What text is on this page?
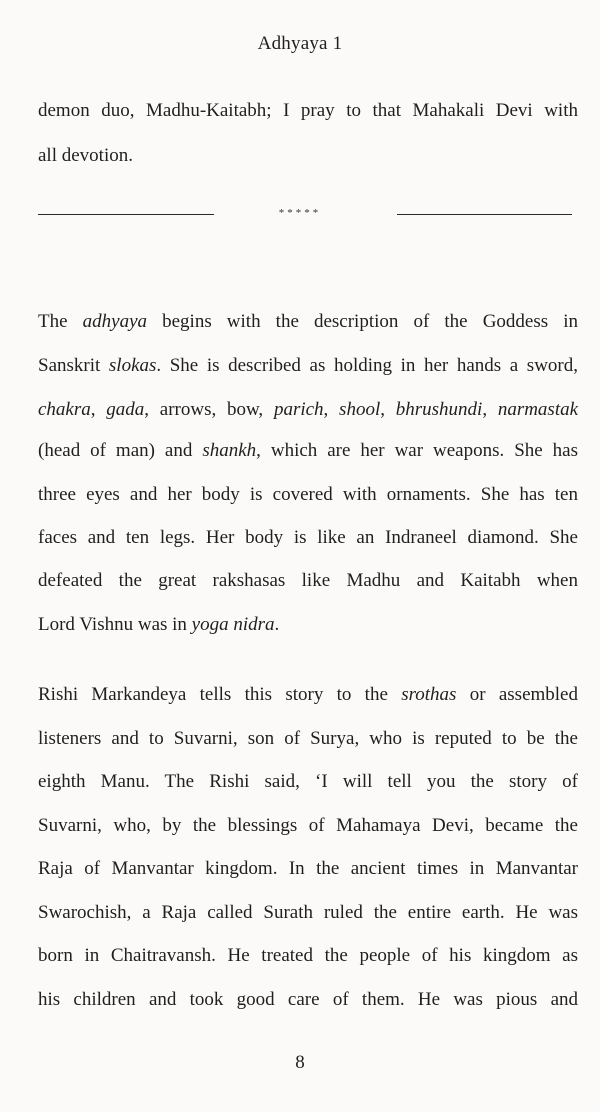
Adhyaya 1
demon duo, Madhu-Kaitabh; I pray to that Mahakali Devi with
all devotion.
*****
The adhyaya begins with the description of the Goddess in
Sanskrit slokas. She is described as holding in her hands a sword,
chakra, gada, arrows, bow, parich, shool, bhrushundi, narmastak
(head of man) and shankh, which are her war weapons. She has
three eyes and her body is covered with ornaments. She has ten
faces and ten legs. Her body is like an Indraneel diamond. She
defeated the great rakshasas like Madhu and Kaitabh when
Lord Vishnu was in yoga nidra.
Rishi Markandeya tells this story to the srothas or assembled
listeners and to Suvarni, son of Surya, who is reputed to be the
eighth Manu. The Rishi said, ‘I will tell you the story of
Suvarni, who, by the blessings of Mahamaya Devi, became the
Raja of Manvantar kingdom. In the ancient times in Manvantar
Swarochish, a Raja called Surath ruled the entire earth. He was
born in Chaitravansh. He treated the people of his kingdom as
his children and took good care of them. He was pious and
8
